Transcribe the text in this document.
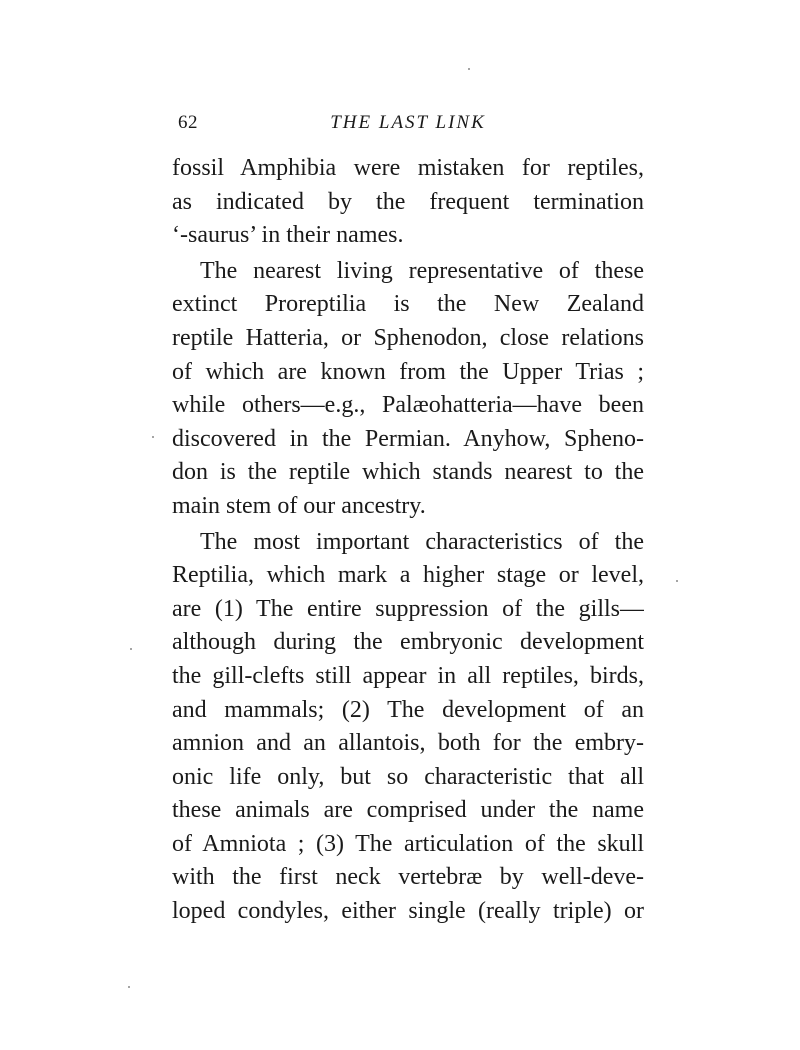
62	THE LAST LINK
fossil Amphibia were mistaken for reptiles,
as indicated by the frequent termination
‘-saurus’ in their names.
The nearest living representative of these
extinct Proreptilia is the New Zealand
reptile Hatteria, or Sphenodon, close relations
of which are known from the Upper Trias ;
while others—e.g., Palæohatteria—have been
discovered in the Permian. Anyhow, Spheno-
don is the reptile which stands nearest to the
main stem of our ancestry.
The most important characteristics of the
Reptilia, which mark a higher stage or level,
are (1) The entire suppression of the gills—
although during the embryonic development
the gill-clefts still appear in all reptiles, birds,
and mammals; (2) The development of an
amnion and an allantois, both for the embry-
onic life only, but so characteristic that all
these animals are comprised under the name
of Amniota ; (3) The articulation of the skull
with the first neck vertebræ by well-deve-
loped condyles, either single (really triple) or
